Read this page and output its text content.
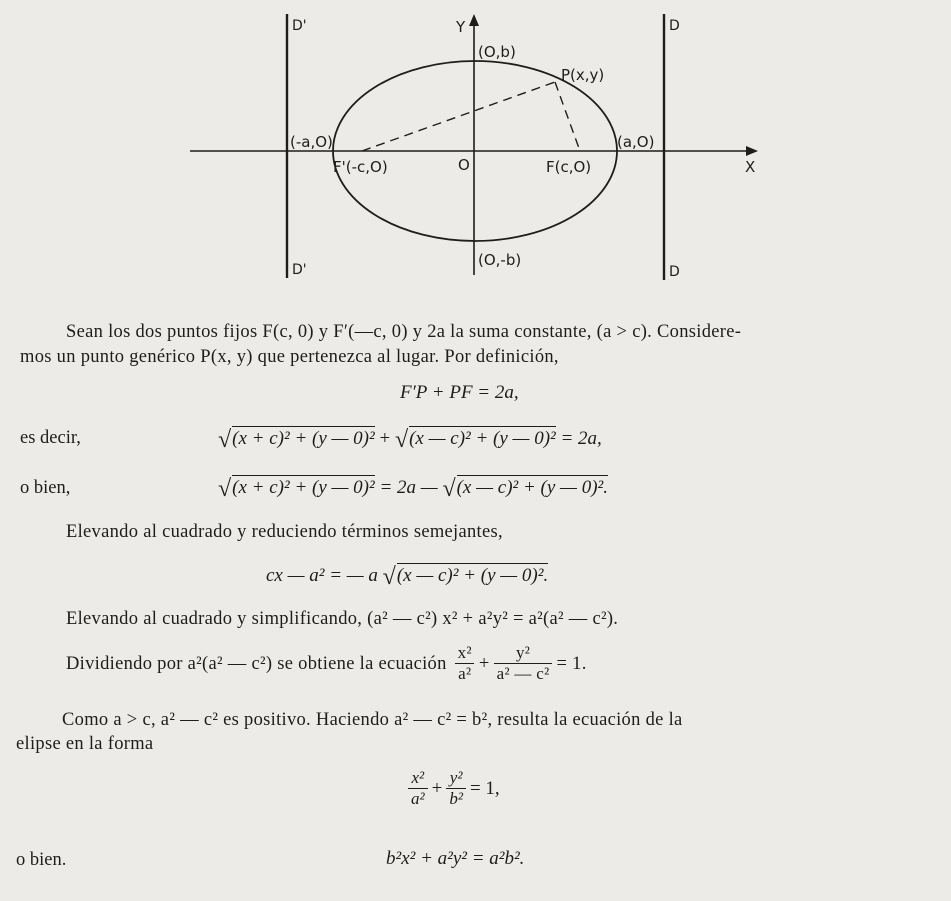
Y
X
O
(O,b)
(O,-b)
(-a,O)	(a,O)
P(x,y)
F'(-c,O)	F(c,O)
D'
D'
D
D
Sean los dos puntos fijos F(c, 0) y F′(—c, 0) y 2a la suma constante, (a > c). Considere-
mos un punto genérico P(x, y) que pertenezca al lugar. Por definición,
F′P + PF = 2a,
es decir,	√(x + c)² + (y — 0)² + √(x — c)² + (y — 0)² = 2a,
o bien,	√(x + c)² + (y — 0)² = 2a — √(x — c)² + (y — 0)².
Elevando al cuadrado y reduciendo términos semejantes,
cx — a² = — a √(x — c)² + (y — 0)².
Elevando al cuadrado y simplificando, (a² — c²) x² + a²y² = a²(a² — c²).
Dividiendo por a²(a² — c²) se obtiene la ecuación $\frac{\text{x²}}{\text{a²}} + \frac{\text{y²}}{\text{a² — c²}} = 1$.
Como a > c, a² — c² es positivo. Haciendo a² — c² = b², resulta la ecuación de la
elipse en la forma
$\frac{\text{x²}}{\text{a²}} + \frac{\text{y²}}{\text{b²}} = 1$,
o bien.	b²x² + a²y² = a²b².
